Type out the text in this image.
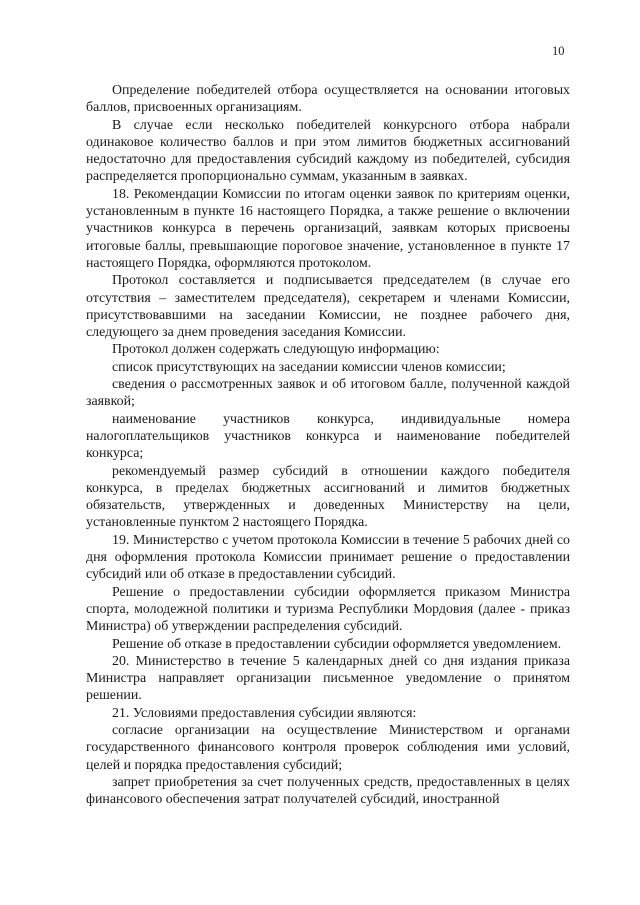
10

Определение победителей отбора осуществляется на основании итоговых баллов, присвоенных организациям.

В случае если несколько победителей конкурсного отбора набрали одинаковое количество баллов и при этом лимитов бюджетных ассигнований недостаточно для предоставления субсидий каждому из победителей, субсидия распределяется пропорционально суммам, указанным в заявках.

18. Рекомендации Комиссии по итогам оценки заявок по критериям оценки, установленным в пункте 16 настоящего Порядка, а также решение о включении участников конкурса в перечень организаций, заявкам которых присвоены итоговые баллы, превышающие пороговое значение, установленное в пункте 17 настоящего Порядка, оформляются протоколом.

Протокол составляется и подписывается председателем (в случае его отсутствия – заместителем председателя), секретарем и членами Комиссии, присутствовавшими на заседании Комиссии, не позднее рабочего дня, следующего за днем проведения заседания Комиссии.

Протокол должен содержать следующую информацию:

список присутствующих на заседании комиссии членов комиссии;

сведения о рассмотренных заявок и об итоговом балле, полученной каждой заявкой;

наименование участников конкурса, индивидуальные номера налогоплательщиков участников конкурса и наименование победителей конкурса;

рекомендуемый размер субсидий в отношении каждого победителя конкурса, в пределах бюджетных ассигнований и лимитов бюджетных обязательств, утвержденных и доведенных Министерству на цели, установленные пунктом 2 настоящего Порядка.

19. Министерство с учетом протокола Комиссии в течение 5 рабочих дней со дня оформления протокола Комиссии принимает решение о предоставлении субсидий или об отказе в предоставлении субсидий.

Решение о предоставлении субсидии оформляется приказом Министра спорта, молодежной политики и туризма Республики Мордовия (далее - приказ Министра) об утверждении распределения субсидий.

Решение об отказе в предоставлении субсидии оформляется уведомлением.

20. Министерство в течение 5 календарных дней со дня издания приказа Министра направляет организации письменное уведомление о принятом решении.

21. Условиями предоставления субсидии являются:

согласие организации на осуществление Министерством и органами государственного финансового контроля проверок соблюдения ими условий, целей и порядка предоставления субсидий;

запрет приобретения за счет полученных средств, предоставленных в целях финансового обеспечения затрат получателей субсидий, иностранной
